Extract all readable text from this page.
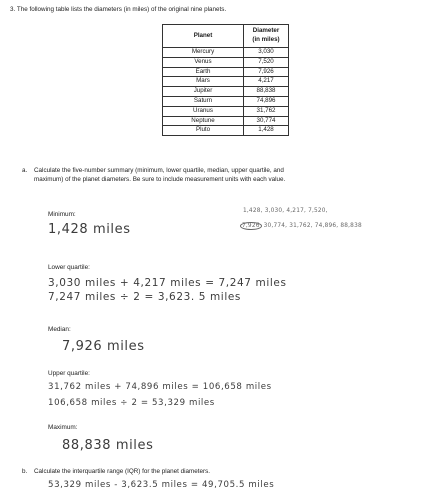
3. The following table lists the diameters (in miles) of the original nine planets.
Planet	Diameter
(in miles)
Mercury	3,030
Venus	7,520
Earth	7,926
Mars	4,217
Jupiter	88,838
Saturn	74,896
Uranus	31,762
Neptune	30,774
Pluto	1,428
a. Calculate the five-number summary (minimum, lower quartile, median, upper quartile, and
maximum) of the planet diameters. Be sure to include measurement units with each value.
1,428, 3,030, 4,217, 7,520,
7,926 30,774, 31,762, 74,896, 88,838
Minimum:
1,428 miles
Lower quartile:
3,030 miles + 4,217 miles = 7,247 miles
7,247 miles ÷ 2 = 3,623. 5 miles
Median:
7,926 miles
Upper quartile:
31,762 miles + 74,896 miles = 106,658 miles
106,658 miles ÷ 2 = 53,329 miles
Maximum:
88,838 miles
b. Calculate the interquartile range (IQR) for the planet diameters.
53,329 miles - 3,623.5 miles = 49,705.5 miles
